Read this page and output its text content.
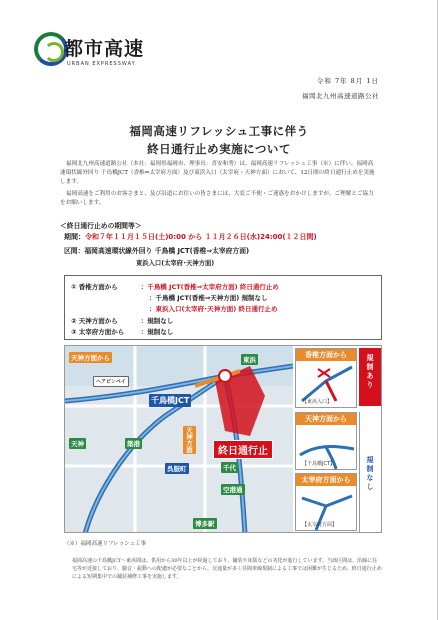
都市高速
URBAN EXPRESSWAY
令和 7年 8月 1日
福岡北九州高速道路公社
福岡高速リフレッシュ工事に伴う
終日通行止め実施について

福岡北九州高速道路公社（本社：福岡県福岡市、理事長：喜安和秀）は、福岡高速リフレッシュ工事（※）に伴い、福岡高速環状線外回り 千鳥橋JCT（香椎⇒太宰府方面）及び東浜入口（太宰府・天神方面）において、12日間の終日通行止めを実施します。

福岡高速をご利用のお客さまと、及び沿道にお住いの皆さまには、大変ご不便・ご迷惑をおかけしますが、ご理解とご協力をお願いします。

＜終日通行止めの期間等＞
期間：令和７年１１月１５日(土)0:00 から １１月２６日(水)24:00(１２日間)
区間：福岡高速環状線外回り 千鳥橋 JCT(香椎⇒太宰府方面)
東浜入口(太宰府･天神方面)
① 香椎方面から	：千鳥橋 JCT(香椎⇒太宰府方面) 終日通行止め
：千鳥橋 JCT(香椎⇒天神方面) 規制なし
：東浜入口(太宰府･天神方面) 終日通行止め
② 天神方面から	：規制なし
③ 太宰府方面から	：規制なし
天神方面から	東浜
千鳥橋JCT
ヘアピンペイ
天神	築港
呉服町	千代
空港通
博多駅
天神方面	終日通行止
香椎方面から
【東浜入口】
天神方面から
【千鳥橋JCT】
太宰府方面から
【太宰府方面】
規制あり
規制なし
（※）福岡高速リフレッシュ工事
福岡高速の千鳥橋JCT～東浜間は、供用から30年以上が経過しており、舗装や床版などの劣化が進行しています。当該区間は、沿線に住宅等が近接しており、騒音・振動への配慮が必要なことから、交通量が多く昼間車線規制による工事では困難が生じるため、終日通行止めによる短期集中での舗装補修工事を実施します。
